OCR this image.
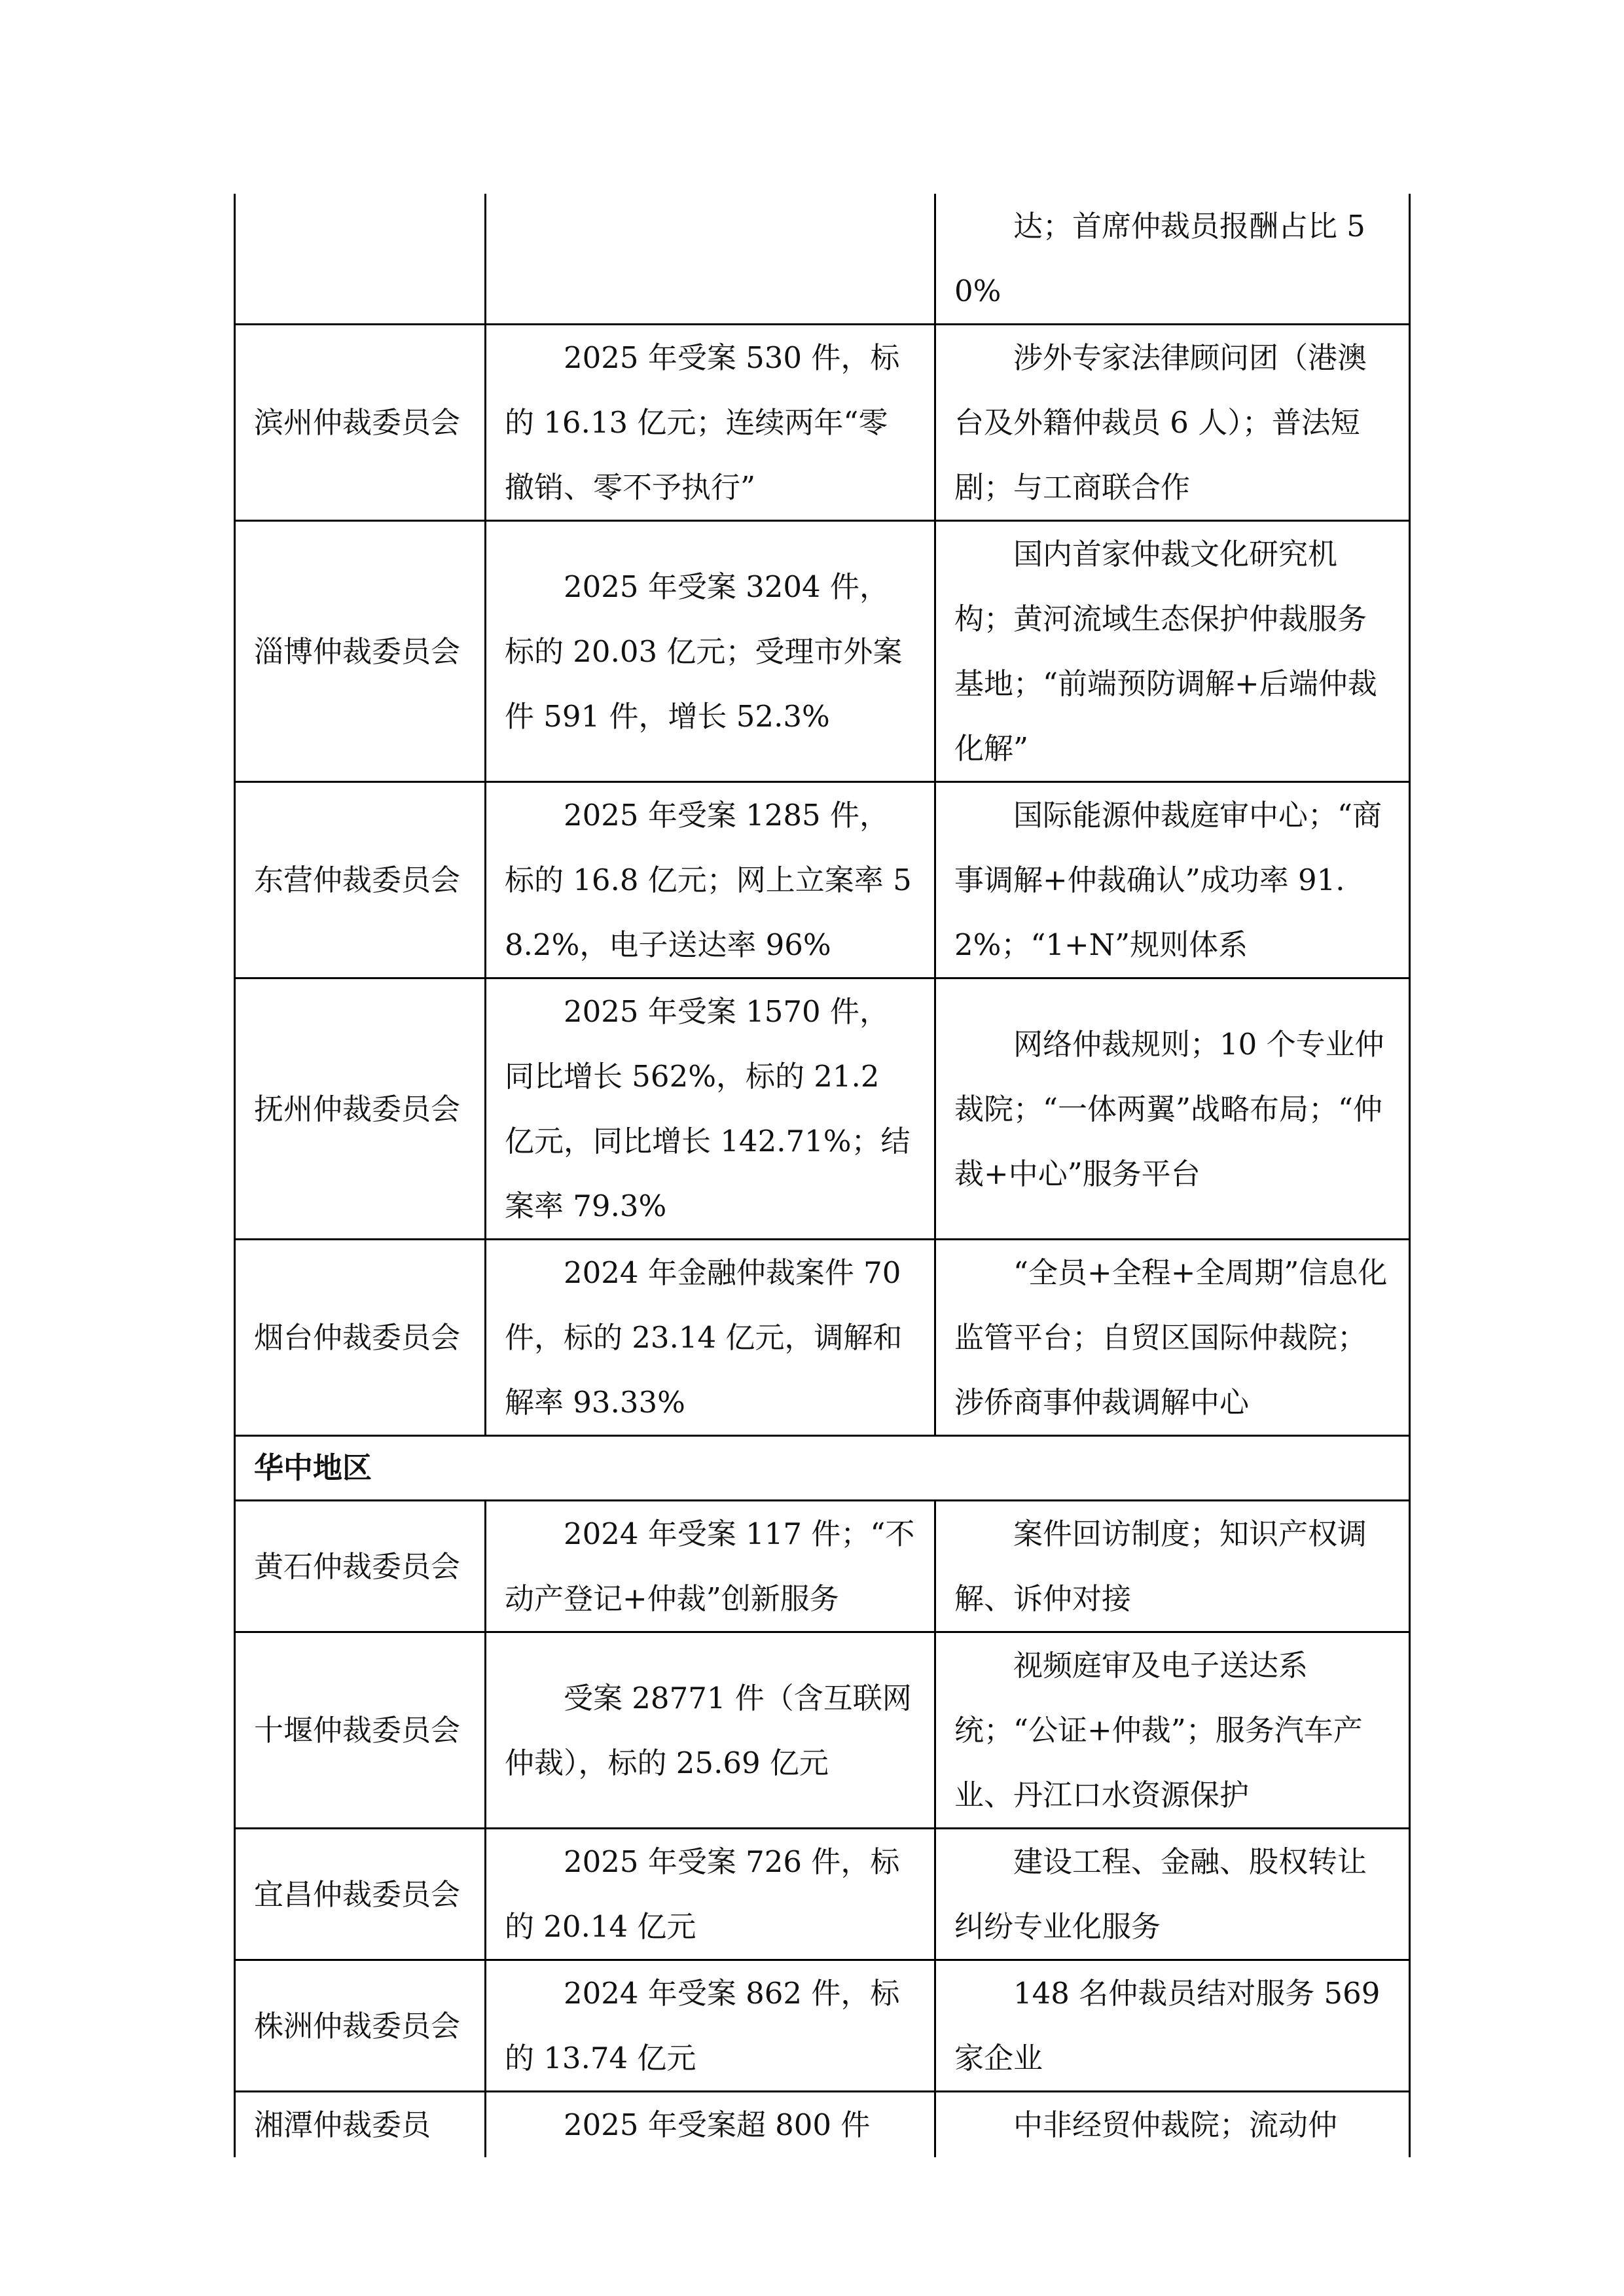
		达；首席仲裁员报酬占比 50%
滨州仲裁委员会	2025 年受案 530 件，标的 16.13 亿元；连续两年“零撤销、零不予执行”	涉外专家法律顾问团（港澳台及外籍仲裁员 6 人）；普法短剧；与工商联合作
淄博仲裁委员会	2025 年受案 3204 件，标的 20.03 亿元；受理市外案件 591 件，增长 52.3%	国内首家仲裁文化研究机构；黄河流域生态保护仲裁服务基地；“前端预防调解+后端仲裁化解”
东营仲裁委员会	2025 年受案 1285 件，标的 16.8 亿元；网上立案率 58.2%，电子送达率 96%	国际能源仲裁庭审中心；“商事调解+仲裁确认”成功率 91.2%；“1+N”规则体系
抚州仲裁委员会	2025 年受案 1570 件，同比增长 562%，标的 21.2 亿元，同比增长 142.71%；结案率 79.3%	网络仲裁规则；10 个专业仲裁院；“一体两翼”战略布局；“仲裁+中心”服务平台
烟台仲裁委员会	2024 年金融仲裁案件 70 件，标的 23.14 亿元，调解和解率 93.33%	“全员+全程+全周期”信息化监管平台；自贸区国际仲裁院；涉侨商事仲裁调解中心
华中地区		
黄石仲裁委员会	2024 年受案 117 件；“不动产登记+仲裁”创新服务	案件回访制度；知识产权调解、诉仲对接
十堰仲裁委员会	受案 28771 件（含互联网仲裁），标的 25.69 亿元	视频庭审及电子送达系统；“公证+仲裁”；服务汽车产业、丹江口水资源保护
宜昌仲裁委员会	2025 年受案 726 件，标的 20.14 亿元	建设工程、金融、股权转让纠纷专业化服务
株洲仲裁委员会	2024 年受案 862 件，标的 13.74 亿元	148 名仲裁员结对服务 569 家企业
湘潭仲裁委员	2025 年受案超 800 件	中非经贸仲裁院；流动仲
